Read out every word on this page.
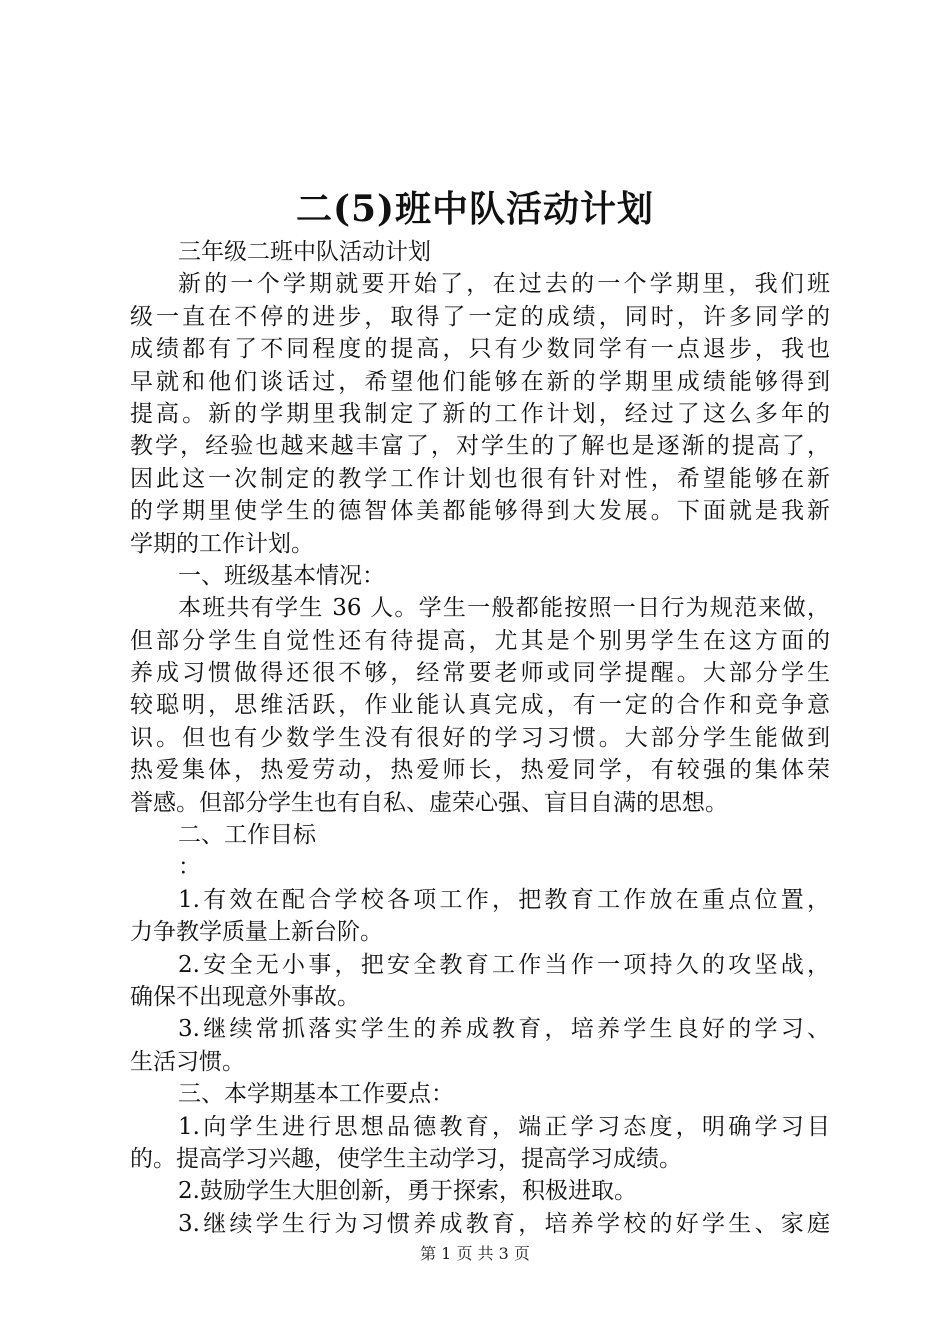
二(5)班中队活动计划
三年级二班中队活动计划
新的一个学期就要开始了，在过去的一个学期里，我们班
级一直在不停的进步，取得了一定的成绩，同时，许多同学的
成绩都有了不同程度的提高，只有少数同学有一点退步，我也
早就和他们谈话过，希望他们能够在新的学期里成绩能够得到
提高。新的学期里我制定了新的工作计划，经过了这么多年的
教学，经验也越来越丰富了，对学生的了解也是逐渐的提高了，
因此这一次制定的教学工作计划也很有针对性，希望能够在新
的学期里使学生的德智体美都能够得到大发展。下面就是我新
学期的工作计划。
一、班级基本情况：
本班共有学生 36 人。学生一般都能按照一日行为规范来做，
但部分学生自觉性还有待提高，尤其是个别男学生在这方面的
养成习惯做得还很不够，经常要老师或同学提醒。大部分学生
较聪明，思维活跃，作业能认真完成，有一定的合作和竞争意
识。但也有少数学生没有很好的学习习惯。大部分学生能做到
热爱集体，热爱劳动，热爱师长，热爱同学，有较强的集体荣
誉感。但部分学生也有自私、虚荣心强、盲目自满的思想。
二、工作目标
：
1.有效在配合学校各项工作，把教育工作放在重点位置，
力争教学质量上新台阶。
2.安全无小事，把安全教育工作当作一项持久的攻坚战，
确保不出现意外事故。
3.继续常抓落实学生的养成教育，培养学生良好的学习、
生活习惯。
三、本学期基本工作要点：
1.向学生进行思想品德教育，端正学习态度，明确学习目
的。提高学习兴趣，使学生主动学习，提高学习成绩。
2.鼓励学生大胆创新，勇于探索，积极进取。
3.继续学生行为习惯养成教育，培养学校的好学生、家庭
第 1 页 共 3 页
